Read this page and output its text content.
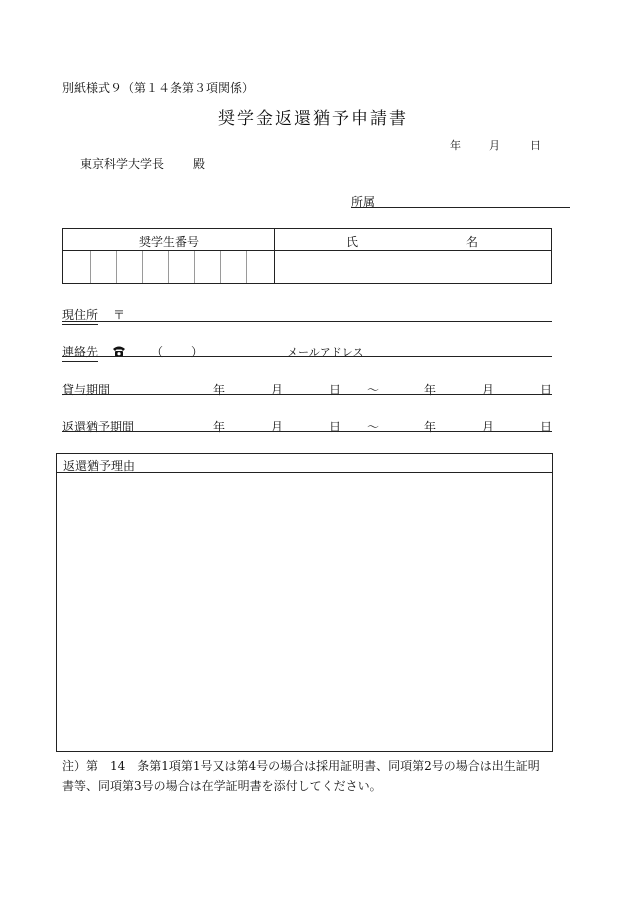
別紙様式９（第１４条第３項関係）
奨学金返還猶予申請書
年	月	日
東京科学大学長 殿
所属
奨学生番号	氏	名
現住所 〒
連絡先	（ ）	メールアドレス
貸与期間	年	月	日 ～	年	月	日
返還猶予期間	年	月	日 ～	年	月	日
返還猶予理由
注）第　14　条第1項第1号又は第4号の場合は採用証明書、同項第2号の場合は出生証明
書等、同項第3号の場合は在学証明書を添付してください。
